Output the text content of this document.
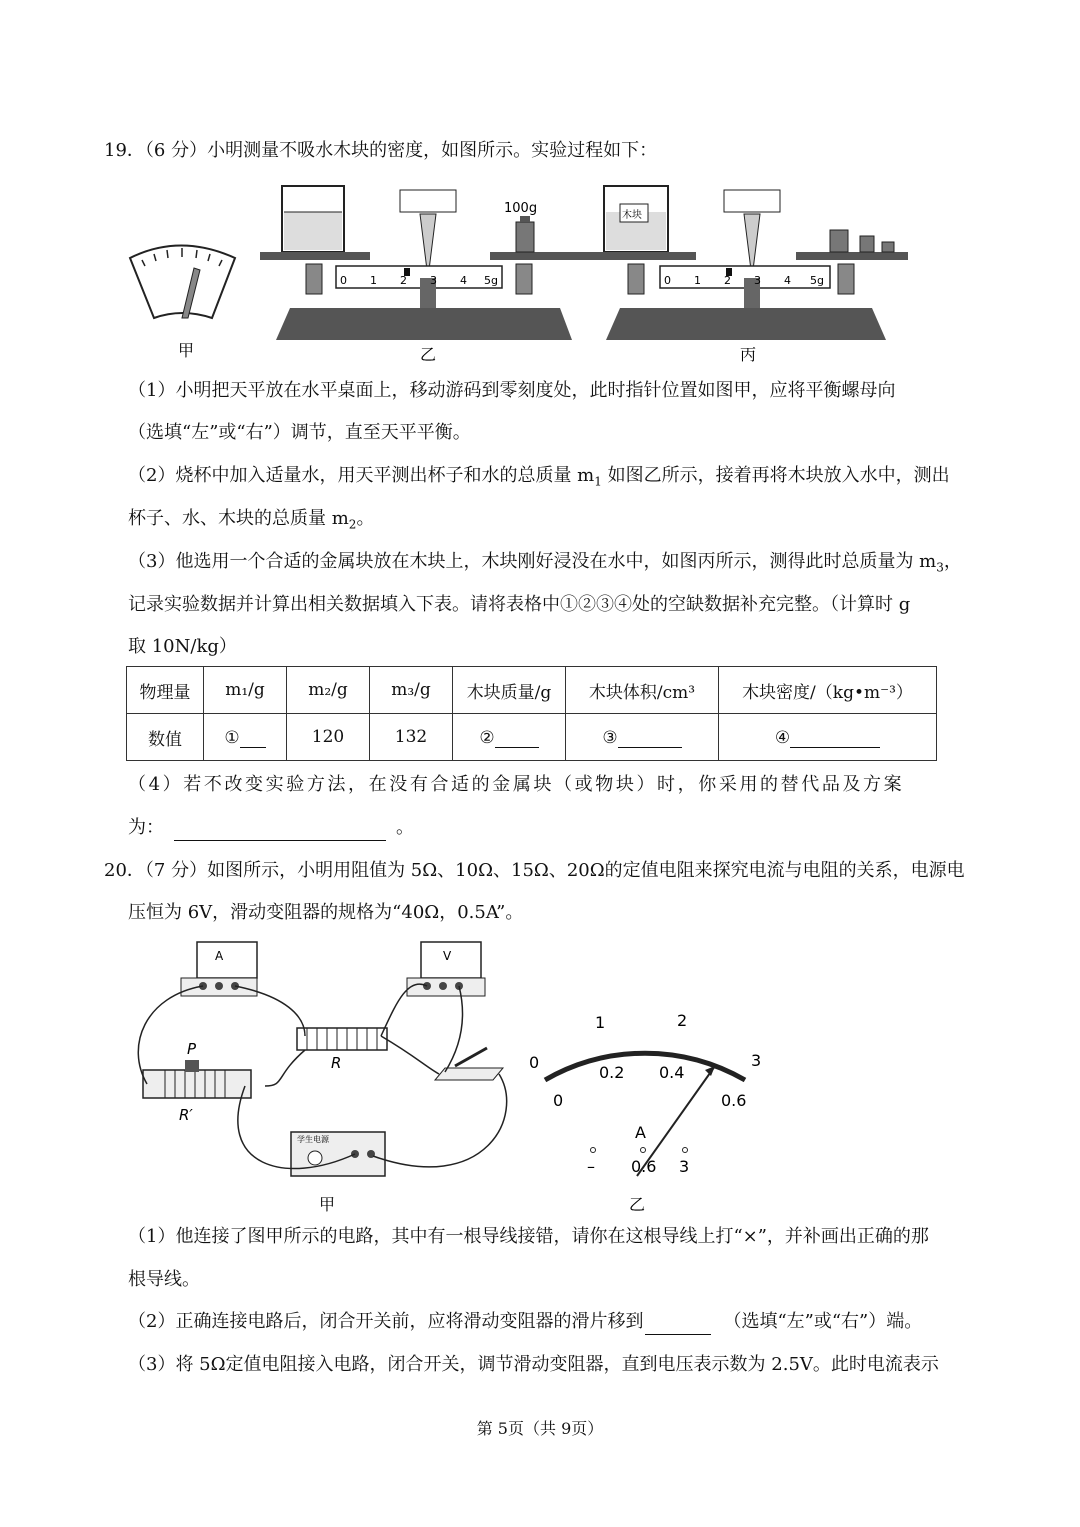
19．（6 分）小明测量不吸水木块的密度，如图所示。实验过程如下：
0 1 2 3 4 5g	0 1 2 3 4 5g
100g	木块
甲	乙	丙
（1）小明把天平放在水平桌面上，移动游码到零刻度处，此时指针位置如图甲，应将平衡螺母向
（选填“左”或“右”）调节，直至天平平衡。
（2）烧杯中加入适量水，用天平测出杯子和水的总质量 $m_1$ 如图乙所示，接着再将木块放入水中，测出
杯子、水、木块的总质量 $m_2$。
（3）他选用一个合适的金属块放在木块上，木块刚好浸没在水中，如图丙所示，测得此时总质量为 $m_3$，
记录实验数据并计算出相关数据填入下表。请将表格中①②③④处的空缺数据补充完整。（计算时 g
取 10N/kg）
物理量	m₁/g	m₂/g	m₃/g	木块质量/g	木块体积/cm³	木块密度/（kg•m⁻³）
数值	①	120	132	②	③	④
（4）若不改变实验方法，在没有合适的金属块（或物块）时，你采用的替代品及方案
为：	。
20．（7 分）如图所示，小明用阻值为 5Ω、10Ω、15Ω、20Ω的定值电阻来探究电流与电阻的关系，电源电
压恒为 6V，滑动变阻器的规格为“40Ω，0.5A”。
A	V
R
P
R′
学生电源
0
1	2
3
0
0.2 0.4
0.6
A
– 0.6 3
甲	乙
（1）他连接了图甲所示的电路，其中有一根导线接错，请你在这根导线上打“×”，并补画出正确的那
根导线。
（2）正确连接电路后，闭合开关前，应将滑动变阻器的滑片移到	（选填“左”或“右”）端。
（3）将 5Ω定值电阻接入电路，闭合开关，调节滑动变阻器，直到电压表示数为 2.5V。此时电流表示
第 5页（共 9页）
